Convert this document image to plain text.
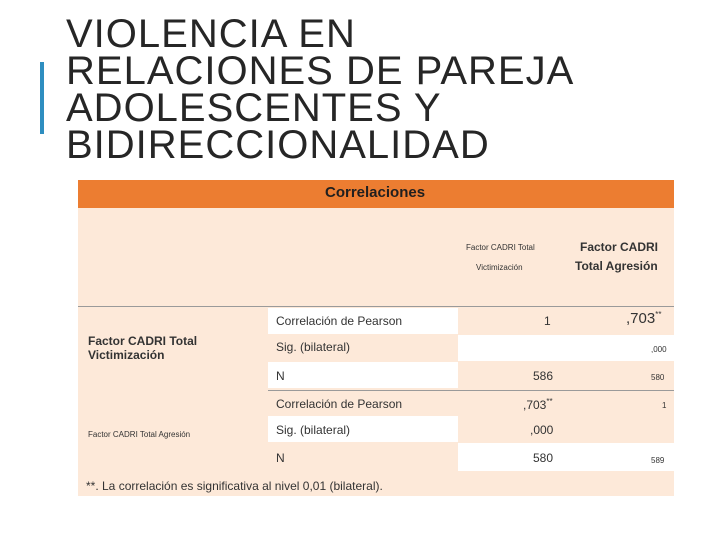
VIOLENCIA EN
RELACIONES DE PAREJA
ADOLESCENTES Y
BIDIRECCIONALIDAD
Correlaciones
Factor CADRI Total
Victimización
Factor CADRI
Total Agresión
Factor CADRI Total
Victimización
Correlación de Pearson
Sig. (bilateral)
N
1
586
,703**
,000
580
Factor CADRI Total Agresión
Correlación de Pearson
Sig. (bilateral)
N
,703**
,000
580
1
589
**. La correlación es significativa al nivel 0,01 (bilateral).
